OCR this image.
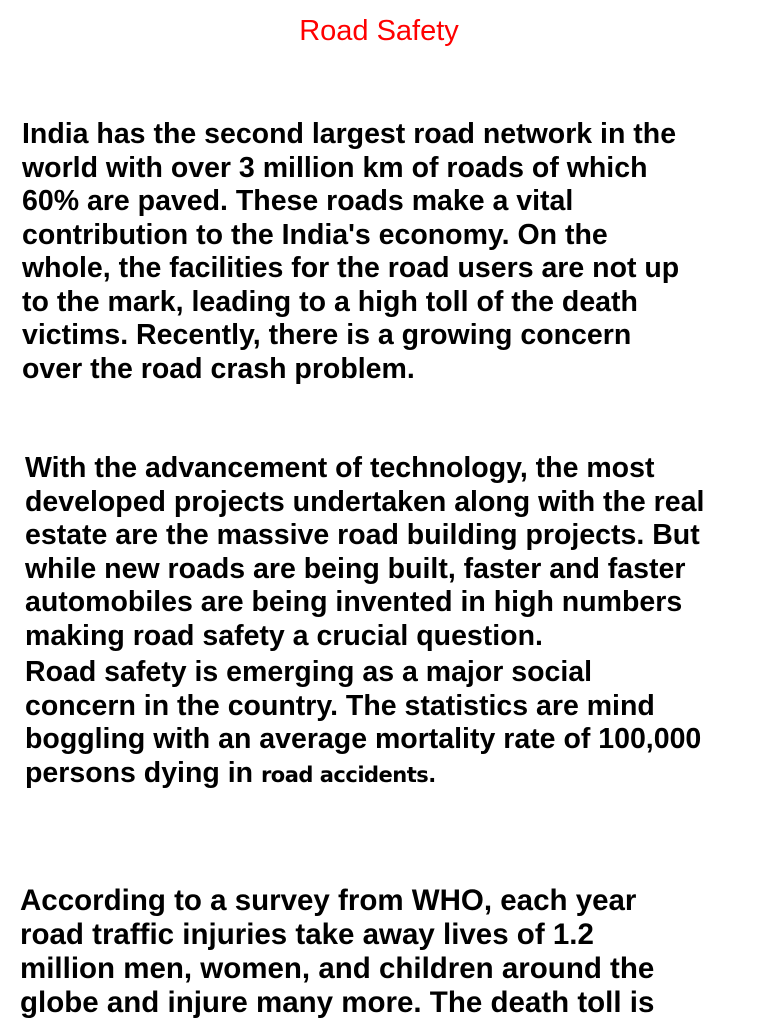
Road Safety

India has the second largest road network in the
world with over 3 million km of roads of which
60% are paved. These roads make a vital
contribution to the India's economy. On the
whole, the facilities for the road users are not up
to the mark, leading to a high toll of the death
victims. Recently, there is a growing concern
over the road crash problem.

With the advancement of technology, the most
developed projects undertaken along with the real
estate are the massive road building projects. But
while new roads are being built, faster and faster
automobiles are being invented in high numbers
making road safety a crucial question.

Road safety is emerging as a major social
concern in the country. The statistics are mind
boggling with an average mortality rate of 100,000
persons dying in road accidents.

According to a survey from WHO, each year
road traffic injuries take away lives of 1.2
million men, women, and children around the
globe and injure many more. The death toll is
